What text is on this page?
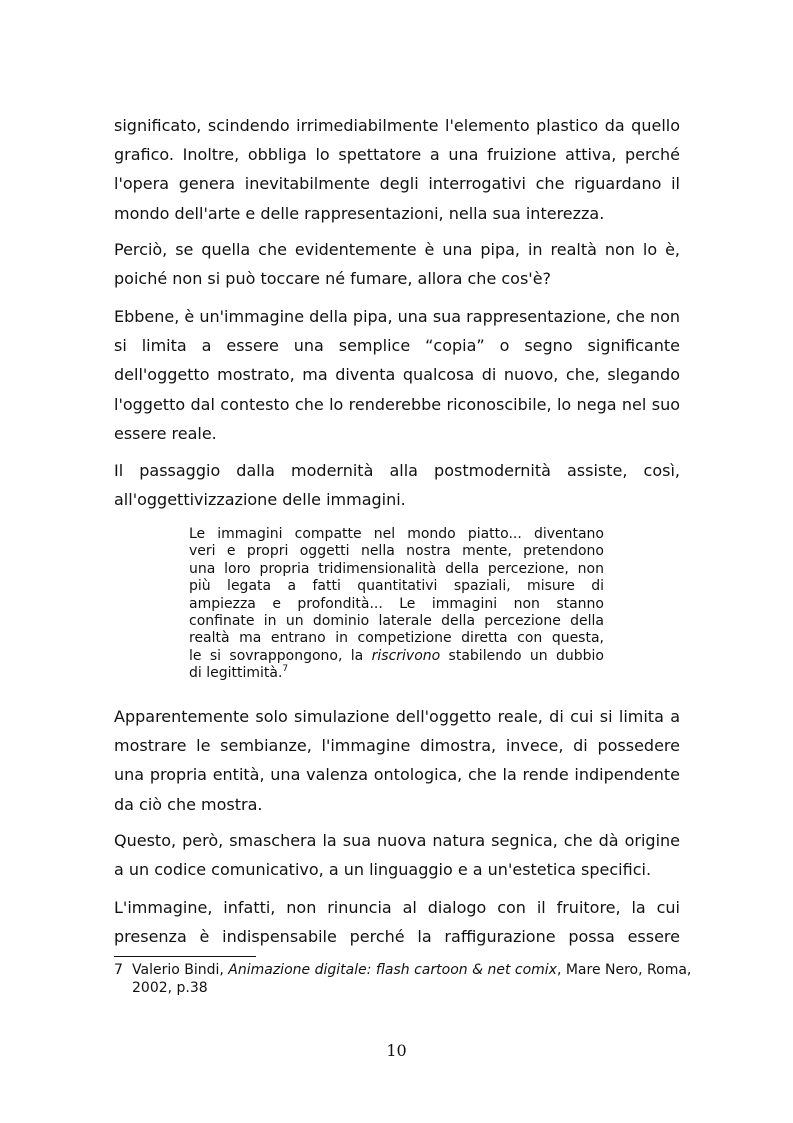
significato, scindendo irrimediabilmente l'elemento plastico da quello
grafico. Inoltre, obbliga lo spettatore a una fruizione attiva, perché
l'opera genera inevitabilmente degli interrogativi che riguardano il
mondo dell'arte e delle rappresentazioni, nella sua interezza.

Perciò, se quella che evidentemente è una pipa, in realtà non lo è,
poiché non si può toccare né fumare, allora che cos'è?

Ebbene, è un'immagine della pipa, una sua rappresentazione, che non
si limita a essere una semplice “copia” o segno significante
dell'oggetto mostrato, ma diventa qualcosa di nuovo, che, slegando
l'oggetto dal contesto che lo renderebbe riconoscibile, lo nega nel suo
essere reale.

Il passaggio dalla modernità alla postmodernità assiste, così,
all'oggettivizzazione delle immagini.

Le immagini compatte nel mondo piatto... diventano
veri e propri oggetti nella nostra mente, pretendono
una loro propria tridimensionalità della percezione, non
più legata a fatti quantitativi spaziali, misure di
ampiezza e profondità... Le immagini non stanno
confinate in un dominio laterale della percezione della
realtà ma entrano in competizione diretta con questa,
le si sovrappongono, la riscrivono stabilendo un dubbio
di legittimità.$^7$

Apparentemente solo simulazione dell'oggetto reale, di cui si limita a
mostrare le sembianze, l'immagine dimostra, invece, di possedere
una propria entità, una valenza ontologica, che la rende indipendente
da ciò che mostra.

Questo, però, smaschera la sua nuova natura segnica, che dà origine
a un codice comunicativo, a un linguaggio e a un'estetica specifici.

L'immagine, infatti, non rinuncia al dialogo con il fruitore, la cui
presenza è indispensabile perché la raffigurazione possa essere

7 Valerio Bindi, Animazione digitale: flash cartoon & net comix, Mare Nero, Roma,
2002, p.38
10
